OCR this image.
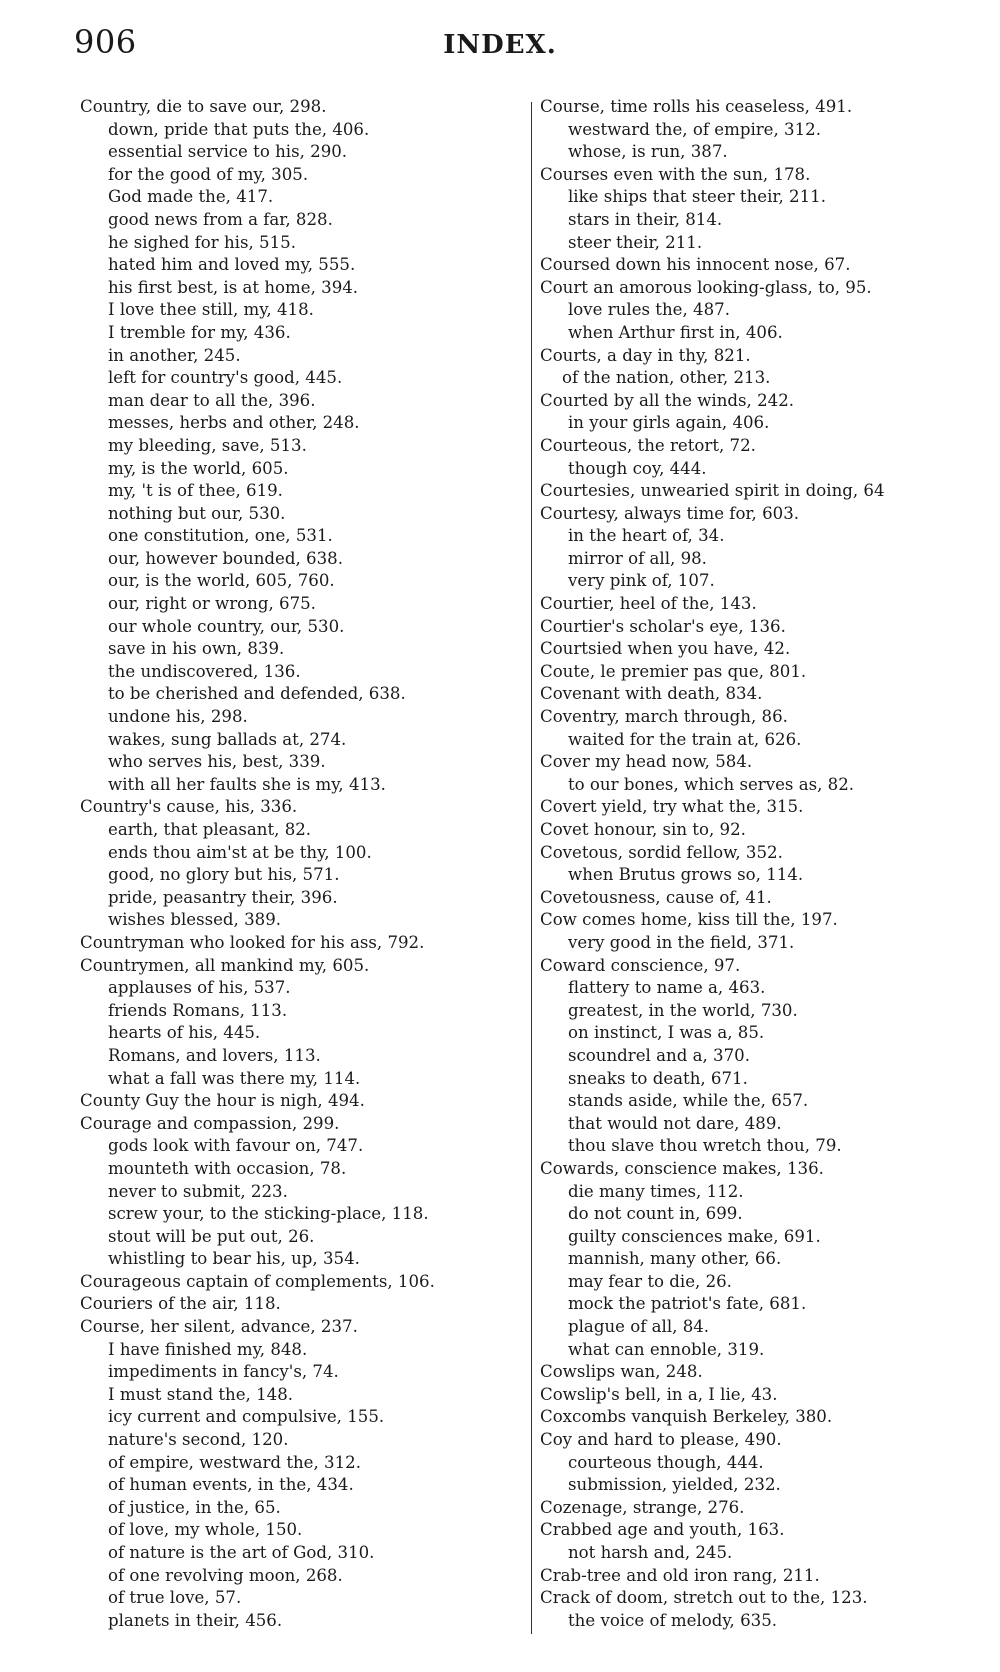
906	INDEX.
Country, die to save our, 298.
down, pride that puts the, 406.
essential service to his, 290.
for the good of my, 305.
God made the, 417.
good news from a far, 828.
he sighed for his, 515.
hated him and loved my, 555.
his first best, is at home, 394.
I love thee still, my, 418.
I tremble for my, 436.
in another, 245.
left for country's good, 445.
man dear to all the, 396.
messes, herbs and other, 248.
my bleeding, save, 513.
my, is the world, 605.
my, 't is of thee, 619.
nothing but our, 530.
one constitution, one, 531.
our, however bounded, 638.
our, is the world, 605, 760.
our, right or wrong, 675.
our whole country, our, 530.
save in his own, 839.
the undiscovered, 136.
to be cherished and defended, 638.
undone his, 298.
wakes, sung ballads at, 274.
who serves his, best, 339.
with all her faults she is my, 413.
Country's cause, his, 336.
earth, that pleasant, 82.
ends thou aim'st at be thy, 100.
good, no glory but his, 571.
pride, peasantry their, 396.
wishes blessed, 389.
Countryman who looked for his ass, 792.
Countrymen, all mankind my, 605.
applauses of his, 537.
friends Romans, 113.
hearts of his, 445.
Romans, and lovers, 113.
what a fall was there my, 114.
County Guy the hour is nigh, 494.
Courage and compassion, 299.
gods look with favour on, 747.
mounteth with occasion, 78.
never to submit, 223.
screw your, to the sticking-place, 118.
stout will be put out, 26.
whistling to bear his, up, 354.
Courageous captain of complements, 106.
Couriers of the air, 118.
Course, her silent, advance, 237.
I have finished my, 848.
impediments in fancy's, 74.
I must stand the, 148.
icy current and compulsive, 155.
nature's second, 120.
of empire, westward the, 312.
of human events, in the, 434.
of justice, in the, 65.
of love, my whole, 150.
of nature is the art of God, 310.
of one revolving moon, 268.
of true love, 57.
planets in their, 456.
Course, time rolls his ceaseless, 491.
westward the, of empire, 312.
whose, is run, 387.
Courses even with the sun, 178.
like ships that steer their, 211.
stars in their, 814.
steer their, 211.
Coursed down his innocent nose, 67.
Court an amorous looking-glass, to, 95.
love rules the, 487.
when Arthur first in, 406.
Courts, a day in thy, 821.
of the nation, other, 213.
Courted by all the winds, 242.
in your girls again, 406.
Courteous, the retort, 72.
though coy, 444.
Courtesies, unwearied spirit in doing, 64
Courtesy, always time for, 603.
in the heart of, 34.
mirror of all, 98.
very pink of, 107.
Courtier, heel of the, 143.
Courtier's scholar's eye, 136.
Courtsied when you have, 42.
Coute, le premier pas que, 801.
Covenant with death, 834.
Coventry, march through, 86.
waited for the train at, 626.
Cover my head now, 584.
to our bones, which serves as, 82.
Covert yield, try what the, 315.
Covet honour, sin to, 92.
Covetous, sordid fellow, 352.
when Brutus grows so, 114.
Covetousness, cause of, 41.
Cow comes home, kiss till the, 197.
very good in the field, 371.
Coward conscience, 97.
flattery to name a, 463.
greatest, in the world, 730.
on instinct, I was a, 85.
scoundrel and a, 370.
sneaks to death, 671.
stands aside, while the, 657.
that would not dare, 489.
thou slave thou wretch thou, 79.
Cowards, conscience makes, 136.
die many times, 112.
do not count in, 699.
guilty consciences make, 691.
mannish, many other, 66.
may fear to die, 26.
mock the patriot's fate, 681.
plague of all, 84.
what can ennoble, 319.
Cowslips wan, 248.
Cowslip's bell, in a, I lie, 43.
Coxcombs vanquish Berkeley, 380.
Coy and hard to please, 490.
courteous though, 444.
submission, yielded, 232.
Cozenage, strange, 276.
Crabbed age and youth, 163.
not harsh and, 245.
Crab-tree and old iron rang, 211.
Crack of doom, stretch out to the, 123.
the voice of melody, 635.
